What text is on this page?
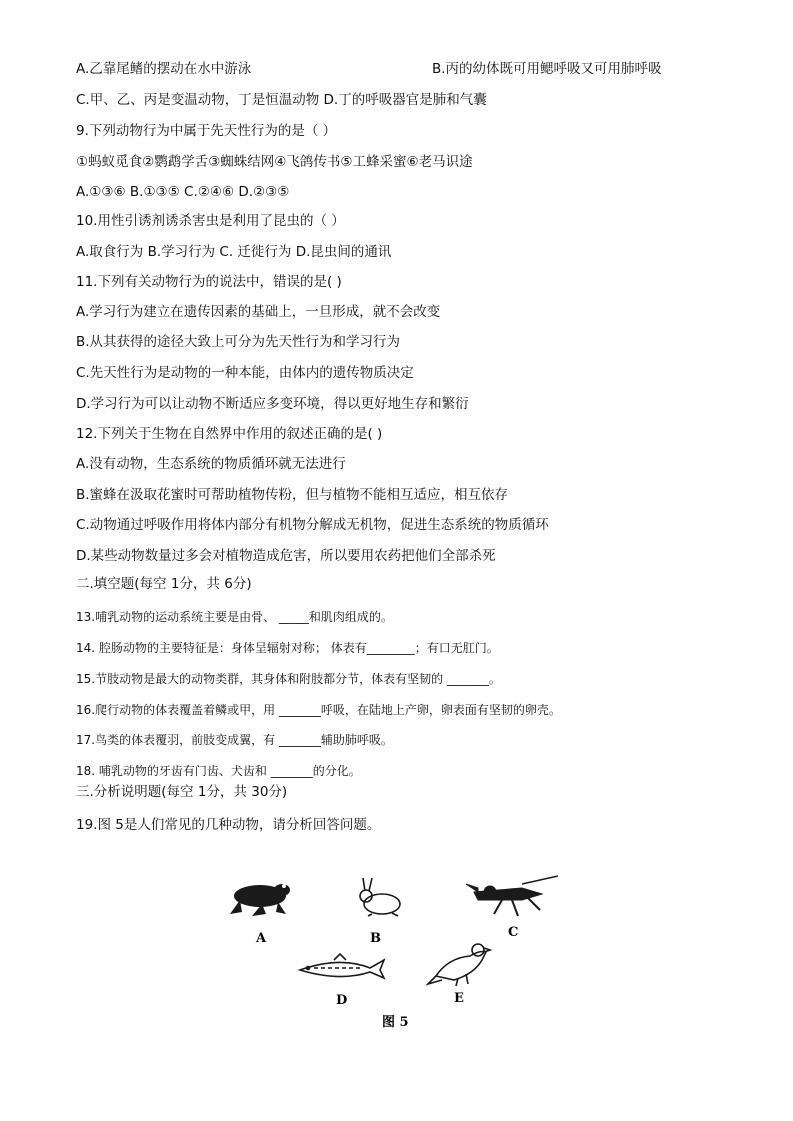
A.乙靠尾鳍的摆动在水中游泳	B.丙的幼体既可用鳃呼吸又可用肺呼吸
C.甲、乙、丙是变温动物，丁是恒温动物 D.丁的呼吸器官是肺和气囊
9.下列动物行为中属于先天性行为的是（ ）
①蚂蚁觅食②鹦鹉学舌③蜘蛛结网④飞鸽传书⑤工蜂采蜜⑥老马识途
A.①③⑥ B.①③⑤ C.②④⑥ D.②③⑤
10.用性引诱剂诱杀害虫是利用了昆虫的（ ）
A.取食行为 B.学习行为 C. 迁徙行为 D.昆虫间的通讯
11.下列有关动物行为的说法中，错误的是( )
A.学习行为建立在遗传因素的基础上，一旦形成，就不会改变
B.从其获得的途径大致上可分为先天性行为和学习行为
C.先天性行为是动物的一种本能，由体内的遗传物质决定
D.学习行为可以让动物不断适应多变环境，得以更好地生存和繁衍
12.下列关于生物在自然界中作用的叙述正确的是( )
A.没有动物，生态系统的物质循环就无法进行
B.蜜蜂在汲取花蜜时可帮助植物传粉，但与植物不能相互适应，相互依存
C.动物通过呼吸作用将体内部分有机物分解成无机物，促进生态系统的物质循环
D.某些动物数量过多会对植物造成危害，所以要用农药把他们全部杀死
二.填空题(每空 1分，共 6分)
13.哺乳动物的运动系统主要是由骨、 _____和肌肉组成的。
14. 腔肠动物的主要特征是：身体呈辐射对称； 体表有________；有口无肛门。
15.节肢动物是最大的动物类群，其身体和附肢都分节，体表有坚韧的 _______。
16.爬行动物的体表覆盖着鳞或甲，用 _______呼吸，在陆地上产卵，卵表面有坚韧的卵壳。
17.鸟类的体表覆羽，前肢变成翼，有 _______辅助肺呼吸。
18. 哺乳动物的牙齿有门齿、犬齿和 _______的分化。
三.分析说明题(每空 1分，共 30分)
19.图 5是人们常见的几种动物，请分析回答问题。
A	B	C
D	E
图 5
